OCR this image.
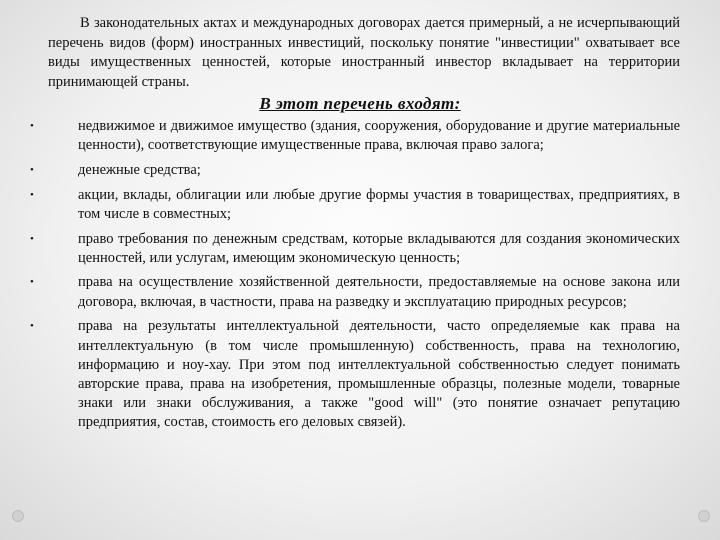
В законодательных актах и международных договорах дается примерный, а не исчерпывающий перечень видов (форм) иностранных инвестиций, поскольку понятие "инвестиции" охватывает все виды имущественных ценностей, которые иностранный инвестор вкладывает на территории принимающей страны.

В этот перечень входят:

•	недвижимое и движимое имущество (здания, сооружения, оборудование и другие материальные ценности), соответствующие имущественные права, включая право залога;
•	денежные средства;
•	акции, вклады, облигации или любые другие формы участия в товариществах, предприятиях, в том числе в совместных;
•	право требования по денежным средствам, которые вкладываются для создания экономических ценностей, или услугам, имеющим экономическую ценность;
•	права на осуществление хозяйственной деятельности, предоставляемые на основе закона или договора, включая, в частности, права на разведку и эксплуатацию природных ресурсов;
•	права на результаты интеллектуальной деятельности, часто определяемые как права на интеллектуальную (в том числе промышленную) собственность, права на технологию, информацию и ноу-хау. При этом под интеллектуальной собственностью следует понимать авторские права, права на изобретения, промышленные образцы, полезные модели, товарные знаки или знаки обслуживания, а также "good will" (это понятие означает репутацию предприятия, состав, стоимость его деловых связей).
